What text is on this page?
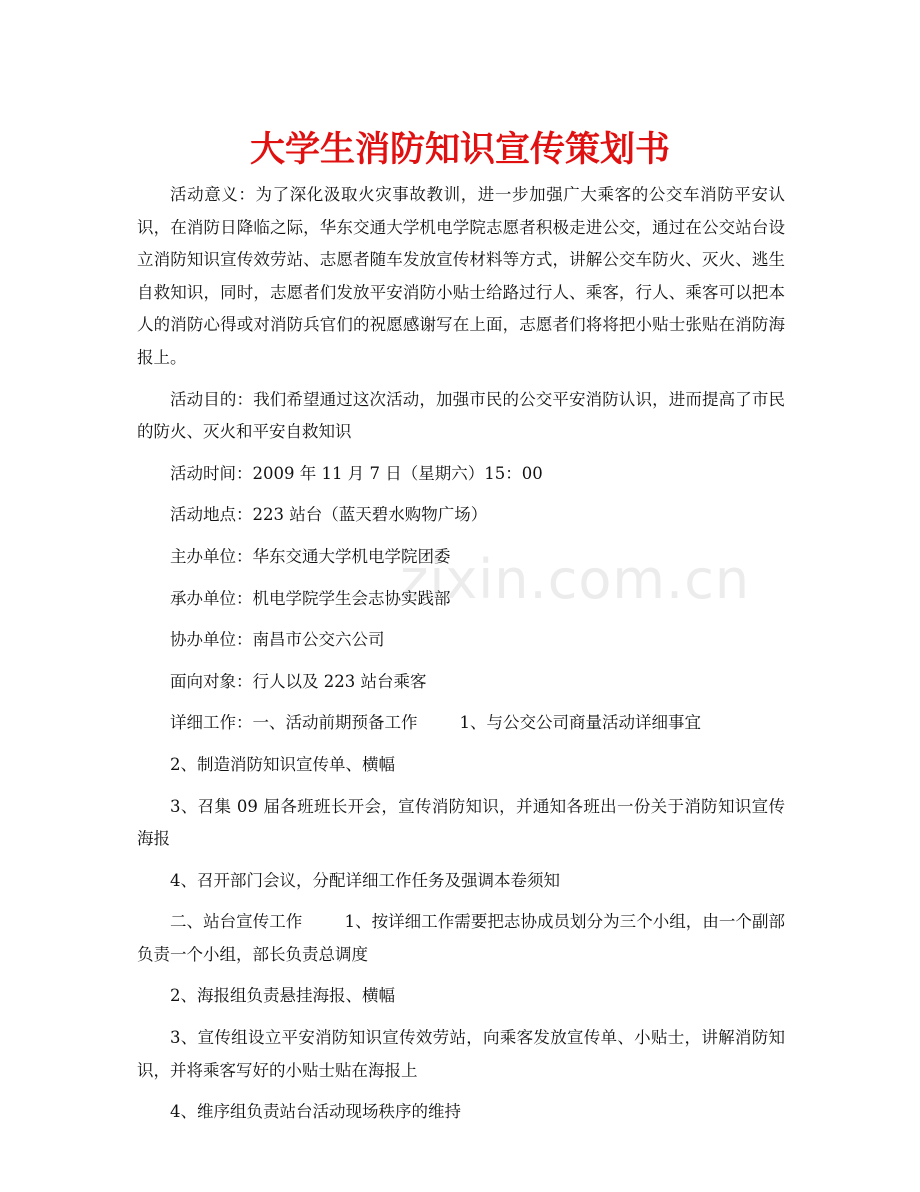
zixin.com.cn
大学生消防知识宣传策划书

活动意义：为了深化汲取火灾事故教训，进一步加强广大乘客的公交车消防平安认识，在消防日降临之际，华东交通大学机电学院志愿者积极走进公交，通过在公交站台设立消防知识宣传效劳站、志愿者随车发放宣传材料等方式，讲解公交车防火、灭火、逃生自救知识，同时，志愿者们发放平安消防小贴士给路过行人、乘客，行人、乘客可以把本人的消防心得或对消防兵官们的祝愿感谢写在上面，志愿者们将将把小贴士张贴在消防海报上。

活动目的：我们希望通过这次活动，加强市民的公交平安消防认识，进而提高了市民的防火、灭火和平安自救知识

活动时间：2009 年 11 月 7 日（星期六）15：00

活动地点：223 站台（蓝天碧水购物广场）

主办单位：华东交通大学机电学院团委

承办单位：机电学院学生会志协实践部

协办单位：南昌市公交六公司

面向对象：行人以及 223 站台乘客

详细工作：一、活动前期预备工作        1、与公交公司商量活动详细事宜

2、制造消防知识宣传单、横幅

3、召集 09 届各班班长开会，宣传消防知识，并通知各班出一份关于消防知识宣传海报

4、召开部门会议，分配详细工作任务及强调本卷须知

二、站台宣传工作        1、按详细工作需要把志协成员划分为三个小组，由一个副部负责一个小组，部长负责总调度

2、海报组负责悬挂海报、横幅

3、宣传组设立平安消防知识宣传效劳站，向乘客发放宣传单、小贴士，讲解消防知识，并将乘客写好的小贴士贴在海报上

4、维序组负责站台活动现场秩序的维持
